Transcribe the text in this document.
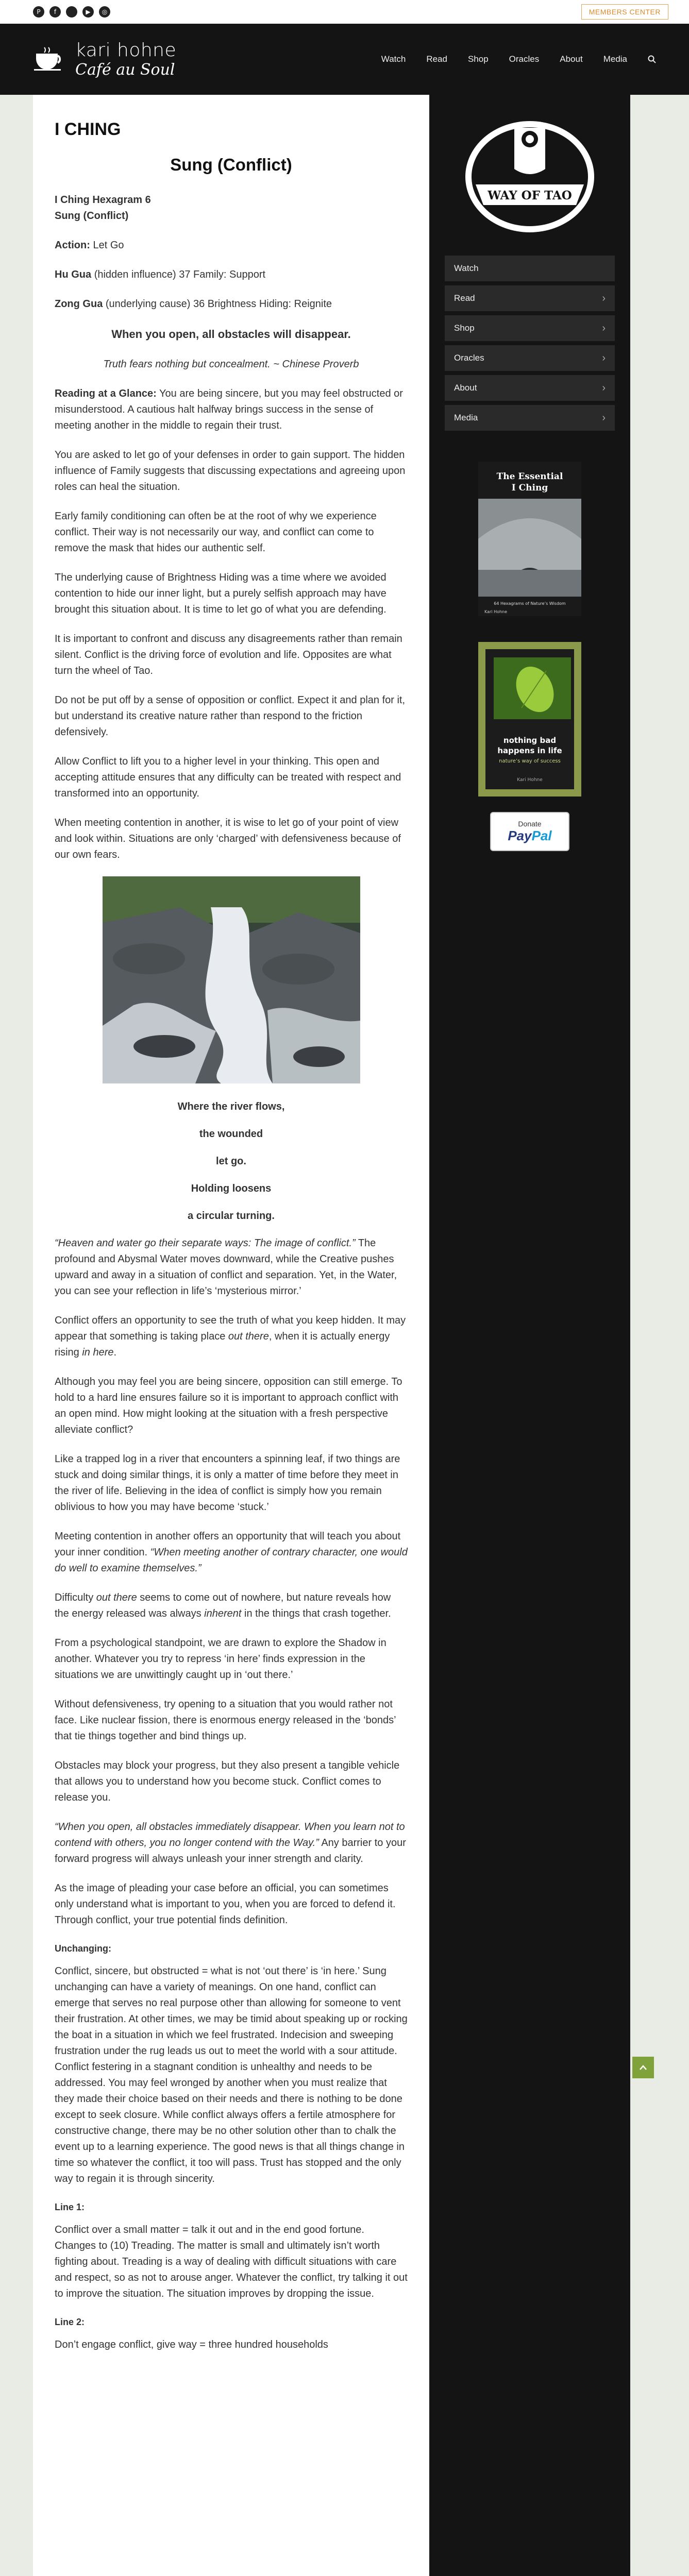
P	f	▶	◎	MEMBERS CENTER
kari hohne
Café au Soul
Watch Read Shop Oracles About Media
I CHING
Sung (Conflict)

I Ching Hexagram 6

Sung (Conflict)

Action: Let Go

Hu Gua (hidden influence) 37 Family: Support

Zong Gua (underlying cause) 36 Brightness Hiding: Reignite

When you open, all obstacles will disappear.

Truth fears nothing but concealment. ~ Chinese Proverb

Reading at a Glance: You are being sincere, but you may feel obstructed or misunderstood. A cautious halt halfway brings success in the sense of meeting another in the middle to regain their trust.

You are asked to let go of your defenses in order to gain support. The hidden influence of Family suggests that discussing expectations and agreeing upon roles can heal the situation.

Early family conditioning can often be at the root of why we experience conflict. Their way is not necessarily our way, and conflict can come to remove the mask that hides our authentic self.

The underlying cause of Brightness Hiding was a time where we avoided contention to hide our inner light, but a purely selfish approach may have brought this situation about. It is time to let go of what you are defending.

It is important to confront and discuss any disagreements rather than remain silent. Conflict is the driving force of evolution and life. Opposites are what turn the wheel of Tao.

Do not be put off by a sense of opposition or conflict. Expect it and plan for it, but understand its creative nature rather than respond to the friction defensively.

Allow Conflict to lift you to a higher level in your thinking. This open and accepting attitude ensures that any difficulty can be treated with respect and transformed into an opportunity.

When meeting contention in another, it is wise to let go of your point of view and look within. Situations are only ‘charged’ with defensiveness because of our own fears.

Where the river flows,

the wounded

let go.

Holding loosens

a circular turning.

“Heaven and water go their separate ways: The image of conflict.” The profound and Abysmal Water moves downward, while the Creative pushes upward and away in a situation of conflict and separation. Yet, in the Water, you can see your reflection in life’s ‘mysterious mirror.’

Conflict offers an opportunity to see the truth of what you keep hidden. It may appear that something is taking place out there, when it is actually energy rising in here.

Although you may feel you are being sincere, opposition can still emerge. To hold to a hard line ensures failure so it is important to approach conflict with an open mind. How might looking at the situation with a fresh perspective alleviate conflict?

Like a trapped log in a river that encounters a spinning leaf, if two things are stuck and doing similar things, it is only a matter of time before they meet in the river of life. Believing in the idea of conflict is simply how you remain oblivious to how you may have become ‘stuck.’

Meeting contention in another offers an opportunity that will teach you about your inner condition. “When meeting another of contrary character, one would do well to examine themselves.”

Difficulty out there seems to come out of nowhere, but nature reveals how the energy released was always inherent in the things that crash together.

From a psychological standpoint, we are drawn to explore the Shadow in another. Whatever you try to repress ‘in here’ finds expression in the situations we are unwittingly caught up in ‘out there.’

Without defensiveness, try opening to a situation that you would rather not face. Like nuclear fission, there is enormous energy released in the ‘bonds’ that tie things together and bind things up.

Obstacles may block your progress, but they also present a tangible vehicle that allows you to understand how you become stuck. Conflict comes to release you.

“When you open, all obstacles immediately disappear. When you learn not to contend with others, you no longer contend with the Way.” Any barrier to your forward progress will always unleash your inner strength and clarity.

As the image of pleading your case before an official, you can sometimes only understand what is important to you, when you are forced to defend it. Through conflict, your true potential finds definition.

Unchanging:

Conflict, sincere, but obstructed = what is not ‘out there’ is ‘in here.’ Sung unchanging can have a variety of meanings. On one hand, conflict can emerge that serves no real purpose other than allowing for someone to vent their frustration. At other times, we may be timid about speaking up or rocking the boat in a situation in which we feel frustrated. Indecision and sweeping frustration under the rug leads us out to meet the world with a sour attitude. Conflict festering in a stagnant condition is unhealthy and needs to be addressed. You may feel wronged by another when you must realize that they made their choice based on their needs and there is nothing to be done except to seek closure. While conflict always offers a fertile atmosphere for constructive change, there may be no other solution other than to chalk the event up to a learning experience. The good news is that all things change in time so whatever the conflict, it too will pass. Trust has stopped and the only way to regain it is through sincerity.

Line 1:

Conflict over a small matter = talk it out and in the end good fortune. Changes to (10) Treading. The matter is small and ultimately isn’t worth fighting about. Treading is a way of dealing with difficult situations with care and respect, so as not to arouse anger. Whatever the conflict, try talking it out to improve the situation. The situation improves by dropping the issue.

Line 2:

Don’t engage conflict, give way = three hundred households

WAY OF TAO
Watch
Read	›
Shop	›
Oracles	›
About	›
Media	›
The Essential
I Ching
64 Hexagrams of Nature’s Wisdom
Kari Hohne
nothing bad
happens in life
nature’s way of success
Kari Hohne
Donate
PayPal
